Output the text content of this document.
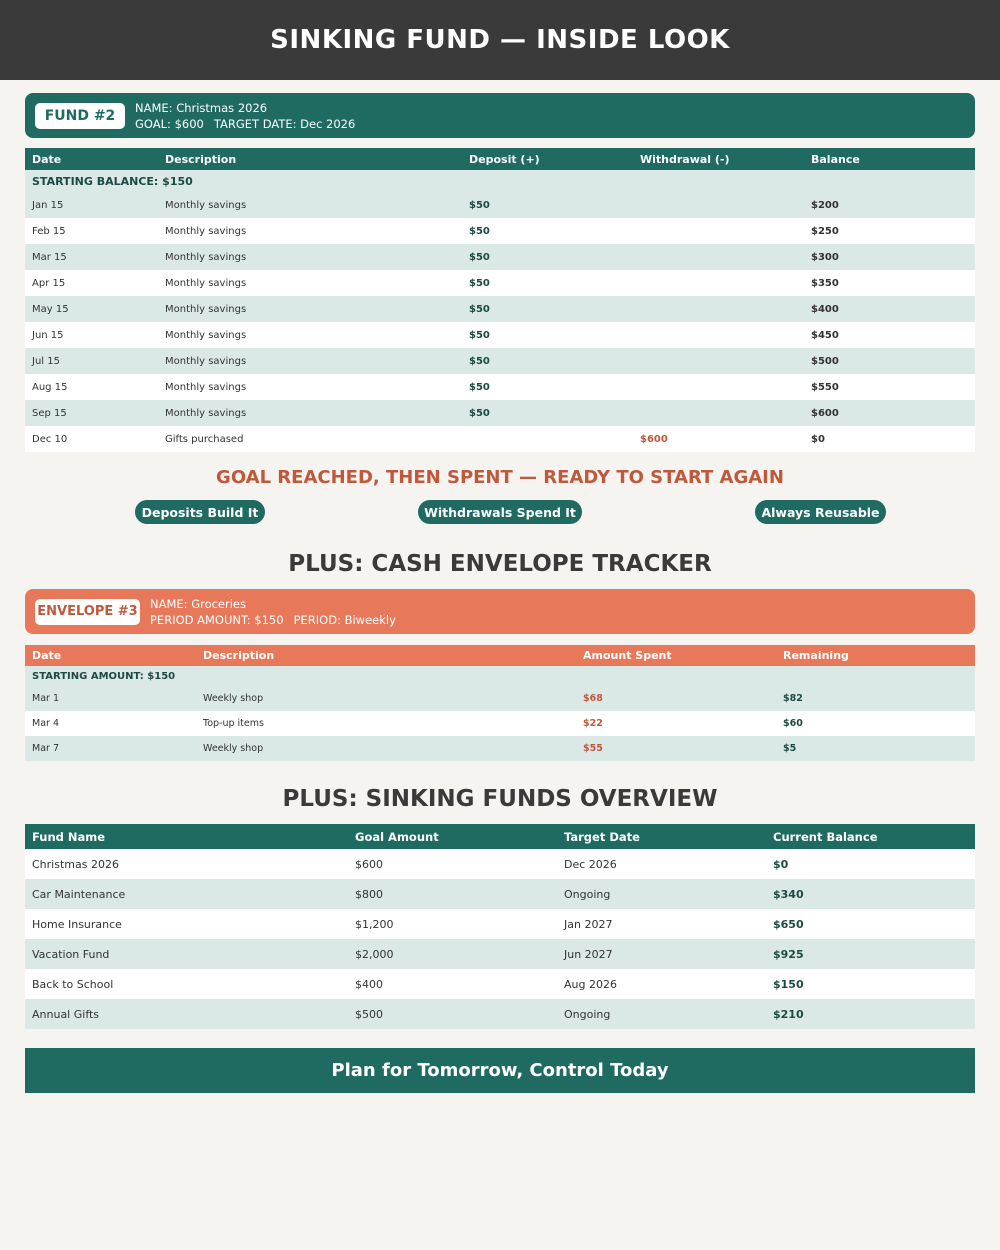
SINKING FUND — INSIDE LOOK
FUND #2	NAME: Christmas 2026
GOAL: $600 TARGET DATE: Dec 2026
Date	Description	Deposit (+)	Withdrawal (-)	Balance
STARTING BALANCE: $150				
Jan 15	Monthly savings	$50		$200
Feb 15	Monthly savings	$50		$250
Mar 15	Monthly savings	$50		$300
Apr 15	Monthly savings	$50		$350
May 15	Monthly savings	$50		$400
Jun 15	Monthly savings	$50		$450
Jul 15	Monthly savings	$50		$500
Aug 15	Monthly savings	$50		$550
Sep 15	Monthly savings	$50		$600
Dec 10	Gifts purchased		$600	$0
GOAL REACHED, THEN SPENT — READY TO START AGAIN
Deposits Build It	Withdrawals Spend It	Always Reusable
PLUS: CASH ENVELOPE TRACKER
ENVELOPE #3
NAME: Groceries
PERIOD AMOUNT: $150 PERIOD: Biweekly
Date	Description	Amount Spent	Remaining
STARTING AMOUNT: $150			
Mar 1	Weekly shop	$68	$82
Mar 4	Top-up items	$22	$60
Mar 7	Weekly shop	$55	$5
PLUS: SINKING FUNDS OVERVIEW
Fund Name	Goal Amount	Target Date	Current Balance
Christmas 2026	$600	Dec 2026	$0
Car Maintenance	$800	Ongoing	$340
Home Insurance	$1,200	Jan 2027	$650
Vacation Fund	$2,000	Jun 2027	$925
Back to School	$400	Aug 2026	$150
Annual Gifts	$500	Ongoing	$210
Plan for Tomorrow, Control Today
